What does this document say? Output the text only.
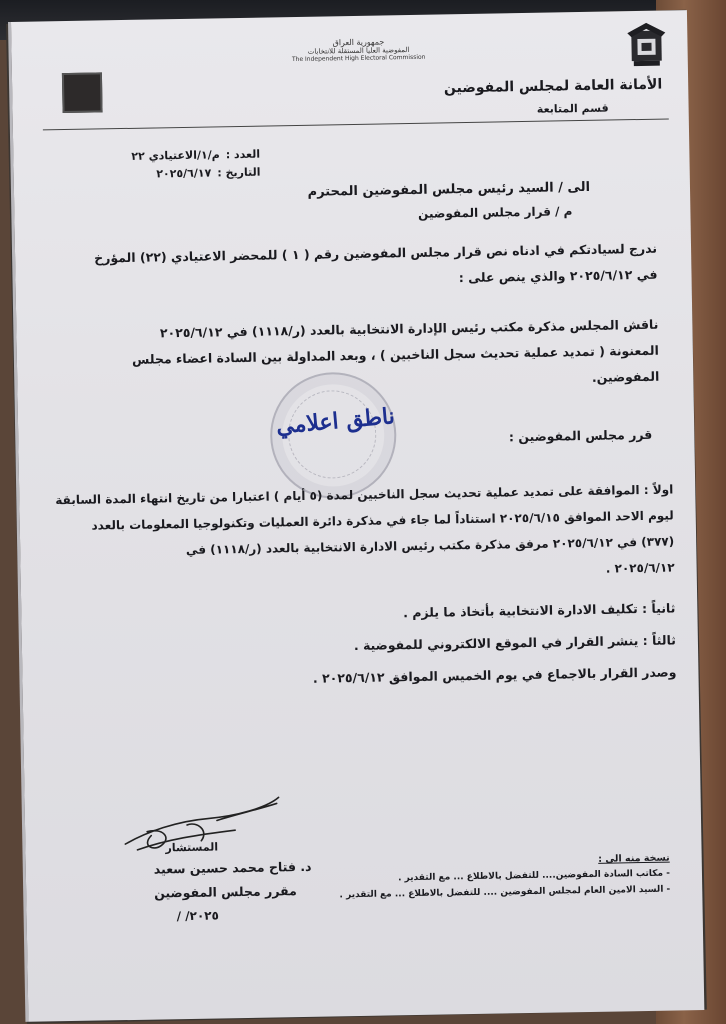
جمهورية العراق
المفوضية العليا المستقلة للانتخابات
The Independent High Electoral Commission
الأمانة العامة لمجلس المفوضين
قسم المتابعة
العدد :م/١/الاعتيادي ٢٢
التاريخ :٢٠٢٥/٦/١٧
الى / السيد رئيس مجلس المفوضين المحترم
م / قرار مجلس المفوضين
ندرج لسيادتكم في ادناه نص قرار مجلس المفوضين رقم ( ١ ) للمحضر الاعتيادي (٢٢) المؤرخ
في ٢٠٢٥/٦/١٢ والذي ينص على :
ناقش المجلس مذكرة مكتب رئيس الإدارة الانتخابية بالعدد (ر/١١١٨) في ٢٠٢٥/٦/١٢
المعنونة ( تمديد عملية تحديث سجل الناخبين ) ، وبعد المداولة بين السادة اعضاء مجلس
المفوضين.
ناطق اعلامي	قرر مجلس المفوضين :
اولاً : الموافقة على تمديد عملية تحديث سجل الناخبين لمدة (٥ أيام ) اعتبارا من تاريخ انتهاء المدة السابقة
ليوم الاحد الموافق ٢٠٢٥/٦/١٥ استناداً لما جاء في مذكرة دائرة العمليات وتكنولوجيا المعلومات بالعدد
(٣٧٧) في ٢٠٢٥/٦/١٢ مرفق مذكرة مكتب رئيس الادارة الانتخابية بالعدد (ر/١١١٨) في
٢٠٢٥/٦/١٢ .
ثانياً : تكليف الادارة الانتخابية بأتخاذ ما يلزم .
ثالثاً : ينشر القرار في الموقع الالكتروني للمفوضية .
وصدر القرار بالاجماع في يوم الخميس الموافق ٢٠٢٥/٦/١٢ .
المستشار
د. فتاح محمد حسين سعيد
مقرر مجلس المفوضين
٢٠٢٥/ /
نسخة منه الى :
- مكاتب السادة المفوضين.... للتفضل بالاطلاع ... مع التقدير .
- السيد الامين العام لمجلس المفوضين .... للتفضل بالاطلاع ... مع التقدير .
